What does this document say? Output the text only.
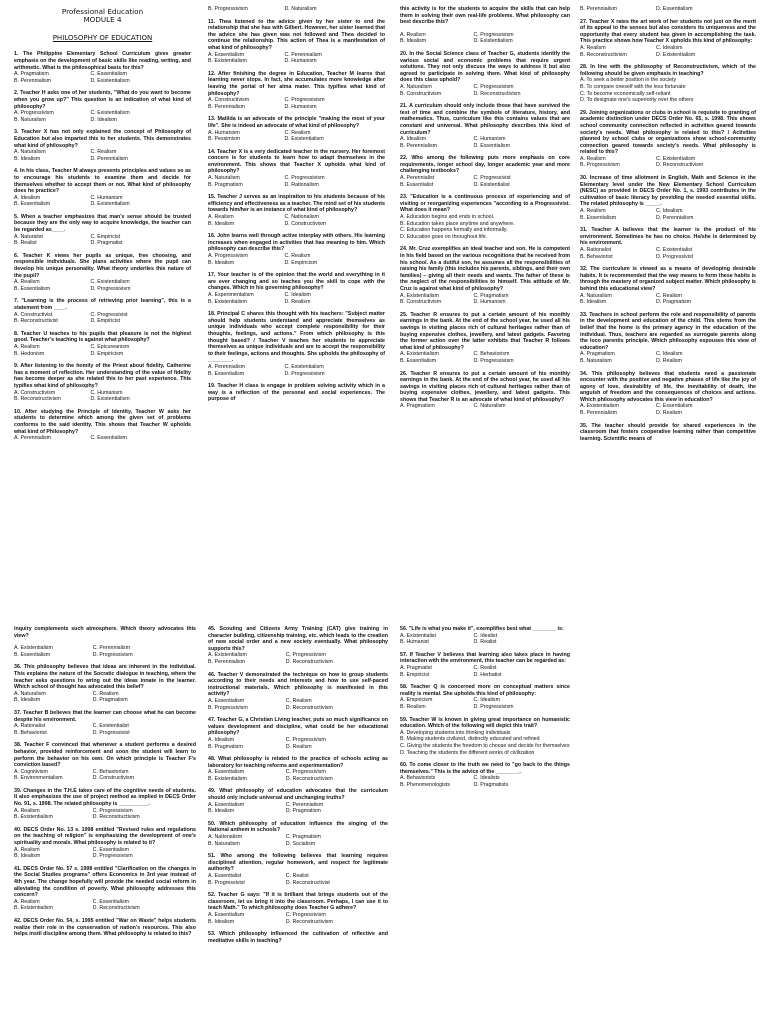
Professional Education
MODULE 4
PHILOSOPHY OF EDUCATION
1. The Philippine Elementary School Curriculum gives greater emphasis on the development of basic skills like reading, writing, and arithmetic. What is the philosophical basis for this?
A. Pragmatism	C. Essentialism
B. Perennialism	D. Existentialism
2. Teacher H asks one of her students, "What do you want to become when you grow up?" This question is an indication of what kind of philosophy?
A. Progressivism	C. Existentialism
B. Naturalism	D. Idealism
3. Teacher X has not only explained the concept of Philosophy of Education but also imparted this to her students. This demonstrates what kind of philosophy?
A. Naturalism	C. Realism
B. Idealism	D. Perennialism
4. In his class, Teacher M always presents principles and values so as to encourage his students to examine them and decide for themselves whether to accept them or not. What kind of philosophy does he practice?
A. Idealism	C. Humanism
B. Essentialism	D. Existentialism
5. When a teacher emphasizes that man's sense should be trusted because they are the only way to acquire knowledge, the teacher can be regarded as____.
A. Naturalist	C. Empiricist
B. Realist	D. Pragmatist
6. Teacher K views her pupils as unique, free choosing, and responsible individuals. She plans activities where the pupil can develop his unique personality. What theory underlies this nature of the pupil?
A. Realism	C. Existentialism
B. Essentialism	D. Progressivism
7. "Learning is the process of retrieving prior learning", this is a statement from ____.
A. Constructivist	C. Progressivist
B. Reconstructivist	D. Empiricist
8. Teacher U teaches to his pupils that pleasure is not the highest good. Teacher's teaching is against what philosophy?
A. Realism	C. Epicureanism
B. Hedonism	D. Empiricism
9. After listening to the homily of the Priest about fidelity, Catherine has a moment of reflection. Her understanding of the value of fidelity has become deeper as she related this to her past experience. This typifies what kind of philosophy?
A. Constructivism	C. Humanism
B. Reconstructivism	D. Existentialism
10. After studying the Principle of Identity, Teacher W asks her students to determine which among the given set of problems conforms to the said identity. This shows that Teacher W upholds what kind of Philosophy?
A. Perennialism	C. Essentialism
B. Progressivism	D. Naturalism
11. Thea listened to the advice given by her sister to end the relationship that she has with Gilbert. However, her sister learned that the advice she has given was not followed and Thea decided to continue the relationship. This action of Thea is a manifestation of what kind of philosophy?
A. Essentialism	C. Perennialism
B. Existentialism	D. Humanism
12. After finishing the degree in Education, Teacher M learns that learning never stops. In fact, she accumulates more knowledge after leaving the portal of her alma mater. This typifies what kind of philosophy?
A. Constructivism	C. Progressivism
B. Perennialism	D. Humanism
13. Matilda is an advocate of the principle "making the most of your life". She is indeed an advocate of what kind of philosophy?
A. Humanism	C. Realism
B. Pessimism	D. Existentialism
14. Teacher X is a very dedicated teacher in the nursery. Her foremost concern is for students to learn how to adapt themselves in the environment. This shows that Teacher X upholds what kind of philosophy?
A. Naturalism	C. Progressivism
B. Pragmatism	D. Rationalism
15. Teacher J serves as an inspiration to his students because of his efficiency and effectiveness as a teacher. The mind set of his students towards him/her is an instance of what kind of philosophy?
A. Realism	C. Nationalism
B. Idealism	D. Constructivism
16. John learns well through active interplay with others. His learning increases when engaged in activities that has meaning to him. Which philosophy can describe this?
A. Progressivism	C. Realism
B. Idealism	D. Empiricism
17. Your teacher is of the opinion that the world and everything in it are ever changing and so teaches you the skill to cope with the changes. Which in his governing philosophy?
A. Experimentalism	C. Idealism
B. Existentialism	D. Realism
18. Principal C shares this thought with his teachers: "Subject matter should help students understand and appreciate themselves as unique individuals who accept complete responsibility for their thoughts, feelings, and actions." From which philosophy is this thought based? / Teacher V teaches her students to appreciate themselves as unique individuals and are to accept the responsibility to their feelings, actions and thoughts. She upholds the philosophy of ________.
A. Perennialism	C. Existentialism
B. Essentialism	D. Progressivism
19. Teacher H class is engage in problem solving activity which in a way is a reflection of the personal and social experiences. The purpose of
this activity is for the students to acquire the skills that can help them in solving their own real-life problems. What philosophy can best describe this?
A. Realism	C. Progressivism
B. Idealism	D. Existentialism
20. In the Social Science class of Teacher G, students identify the various social and economic problems that require urgent solutions. They not only discuss the ways to address it but also agreed to participate in solving them. What kind of philosophy does this class uphold?
A. Naturalism	C. Progressivism
B. Constructivism	D. Reconstructivism
21. A curriculum should only include those that have survived the test of time and combine the symbols of literature, history, and mathematics. Thus, curriculum like this contains values that are constant and universal. What philosophy describes this kind of curriculum?
A. Idealism	C. Humanism
B. Perennialism	D. Essentialism
22. Who among the following puts more emphasis on core requirements, longer school day, longer academic year and more challenging textbooks?
A. Perennialist	C. Progressivist
B. Essentialist	D. Existentialist
23. "Education is a continuous process of experiencing and of visiting or reorganizing experiences "according to a Progressivist. What does it mean?
A. Education begins and ends in school.
B. Education takes place anytime and anywhere.
C. Education happens formally and informally.
D. Education goes on throughout life.
24. Mr. Cruz exemplifies an ideal teacher and son. He is competent in his field based on the various recognitions that he received from his school. As a dutiful son, he assumes all the responsibilities of raising his family (this includes his parents, siblings, and their own families) – giving all their needs and wants. The father of these is the neglect of the responsibilities to himself. This attitude of Mr. Cruz is against what kind of philosophy?
A. Existentialism	C. Pragmatism
B. Constructivism	D. Humanism
25. Teacher R ensures to put a certain amount of his monthly earnings in the bank. At the end of the school year, he used all his savings in visiting places rich of cultural heritages rather than of buying expensive clothes, jewellery, and latest gadgets. Favoring the former action over the latter exhibits that Teacher R follows what kind of philosophy?
A. Existentialism	C. Behaviorism
B. Essentialism	D. Progressivism
26. Teacher R ensures to put a certain amount of his monthly earnings in the bank. At the end of the school year, he used all his savings in visiting places rich of cultural heritages rather than of buying expensive clothes, jewellery, and latest gadgets. This shows that Teacher R is an advocate of what kind of philosophy?
A. Pragmatism	C. Naturalism
B. Perennialism	D. Essentialism
27. Teacher X rates the art work of her students not just on the merit of its appeal to the senses but also considers its uniqueness and the opportunity that every student has given in accomplishing the task. This practice shows how Teacher X upholds this kind of philosophy:
A. Realism	C. Idealism
B. Reconstructivism	D. Existentialism
28. In line with the philosophy of Reconstructivism, which of the following should be given emphasis in teaching?
A. To seek a better position in the society
B. To compare oneself with the less fortunate
C. To become economically self-reliant
D. To designate one's superiority over the others
29. Joining organizations or clubs in school is requisite to granting of academic distinction under DECS Order No. 65, s. 1998. This shows school community connection reflected in activities geared towards society's needs. What philosophy is related to this? / Activities planned by school clubs or organizations show school-community connection geared towards society's needs. What philosophy is related to this?
A. Realism	C. Existentialism
B. Progressivism	D. Reconstructivism
30. Increase of time allotment in English, Math and Science in the Elementary level under the New Elementary School Curriculum (NESC) as provided in DECS Order No. 1, s. 1993 contributes in the cultivation of basic literacy by providing the needed essential skills. The related philosophy is _____.
A. Realism	C. Idealism
B. Essentialism	D. Perennialism
31. Teacher A believes that the learner is the product of his environment. Sometimes he has no choice. He/she is determined by his environment.
A. Rationalist	C. Existentialist
B. Behaviorist	D. Progressivist
32. The curriculum is viewed as a means of developing desirable habits. It is recommended that the way means to form these habits is through the mastery of organized subject matter. Which philosophy is behind this educational view?
A. Naturalism	C. Realism
B. Idealism	D. Pragmatism
33. Teachers in school perform the role and responsibility of parents in the development and education of the child. This stems from the belief that the home is the primary agency in the education of the individual. Thus, teachers are regarded as surrogate parents along the loco parentis principle. Which philosophy espouses this view of education?
A. Pragmatism	C. Idealism
B. Naturalism	D. Realism
34. This philosophy believes that students need a passionate encounter with the positive and negative phases of life like the joy of agony of love, desirability of life, the inevitability of death, the anguish of freedom and the consequences of choices and actions. Which philosophy advocates this view in education?
A. Existentialism	C. Essentialism
B. Perennialism	D. Realism
35. The teacher should provide for shared experiences in the classroom that fosters cooperative learning rather than competitive learning. Scientific means of
inquiry complements such atmosphere. Which theory advocates this view?
A. Existentialism	C. Perennialism
B. Essentialism	D. Progressivism
36. This philosophy believes that ideas are inherent in the individual. This explains the nature of the Socratic dialogue in teaching, where the teacher asks questions to wring out the ideas innate in the learner. Which school of thought has advocated this belief?
A. Naturalism	C. Realism
B. Idealism	D. Pragmatism
37. Teacher B believes that the learner can choose what he can become despite his environment.
A. Rationalist	C. Existentialist
B. Behaviorist	D. Progressivist
38. Teacher F convinced that whenever a student performs a desired behavior, provided reinforcement and soon the student will learn to perform the behavior on his own. On which principle is Teacher F's conviction based?
A. Cognitivism	C. Behaviorism
B. Environmentalism	D. Constructivism
39. Changes in the T.H.E takes care of the cognitive needs of students. It also emphasizes the use of project method as implied in DECS Order No. 91, s. 1998. The related philosophy is __________.
A. Realism	C. Progressivism
B. Existentialism	D. Reconstructivism
40. DECS Order No. 13 s. 1998 entitled "Revised rules and regulations on the teaching of religion" is emphasizing the development of one's spirituality and morals. What philosophy is related to it?
A. Realism	C. Essentialism
B. Idealism	D. Progressivism
41. DECS Order No. 57 s. 1998 entitled "Clarification on the changes in the Social Studies programs" offers Economics in 3rd year instead of 4th year. The change hopefully will provide the needed social reform in alleviating the condition of poverty. What philosophy addresses this concern?
A. Realism	C. Essentialism
B. Existentialism	D. Reconstructivism
42. DECS Order No. 54, s. 1995 entitled "War on Waste" helps students realize their role in the conservation of nation's resources. This also helps instil discipline among them. What philosophy is related to this?
45. Scouting and Citizens Army Training (CAT) give training in character building, citizenship training, etc. which leads to the creation of new social order and a new society eventually. What philosophy supports this?
A. Existentialism	C. Progressivism
B. Perennialism	D. Reconstructivism
46. Teacher V demonstrated the technique on how to group students according to their needs and interests and how to use self-paced instructional materials. Which philosophy is manifested in this activity?
A. Essentialism	C. Realism
B. Progressivism	D. Reconstructivism
47. Teacher G, a Christian Living teacher, puts so much significance on values development and discipline, what could be her educational philosophy?
A. Idealism	C. Progressivism
B. Pragmatism	D. Realism
48. What philosophy is related to the practice of schools acting as laboratory for teaching reforms and experimentation?
A. Essentialism	C. Progressivism
B. Existentialism	D. Reconstructivism
49. What philosophy of education advocates that the curriculum should only include universal and unchanging truths?
A. Essentialism	C. Perennialism
B. Idealism	D. Pragmatism
50. Which philosophy of education influence the singing of the National anthem in schools?
A. Nationalism	C. Pragmatism
B. Naturalism	D. Socialism
51. Who among the following believes that learning requires disciplined attention, regular homework, and respect for legitimate authority?
A. Essentialist	C. Realist
B. Progressivist	D. Reconstructivist
52. Teacher G says: "If it is brilliant that brings students out of the classroom, let us bring it into the classroom. Perhaps, I can use it to teach Math." To which philosophy does Teacher G adhere?
A. Essentialism	C. Progressivism
B. Idealism	D. Reconstructivism
53. Which philosophy influenced the cultivation of reflective and meditative skills in teaching?
56. "Life is what you make it", exemplifies best what ________ is:
A. Existentialist	C. Idealist
B. Humanist	D. Realist
57. If Teacher V believes that learning also takes place in having interaction with the environment, this teacher can be regarded as:
A. Pragmatist	C. Realist
B. Empiricist	D. Herbatist
58. Teacher Q is concerned more on conceptual matters since reality is mental. She upholds this kind of philosophy:
A. Empiricism	C. Idealism
B. Realism	D. Progressivism
59. Teacher W is known in giving great importance on humanistic education. Which of the following will depict this trait?
A. Developing students into thinking individuals
B. Making students civilized, distinctly educated and refined
C. Giving the students the freedom to choose and decide for themselves
D. Teaching the students the different works of civilization
60. To come closer to the truth we need to "go back to the things themselves." This is the advice of the ________.
A. Behaviorists	C. Idealists
B. Phenomenologists	D. Pragmatists
